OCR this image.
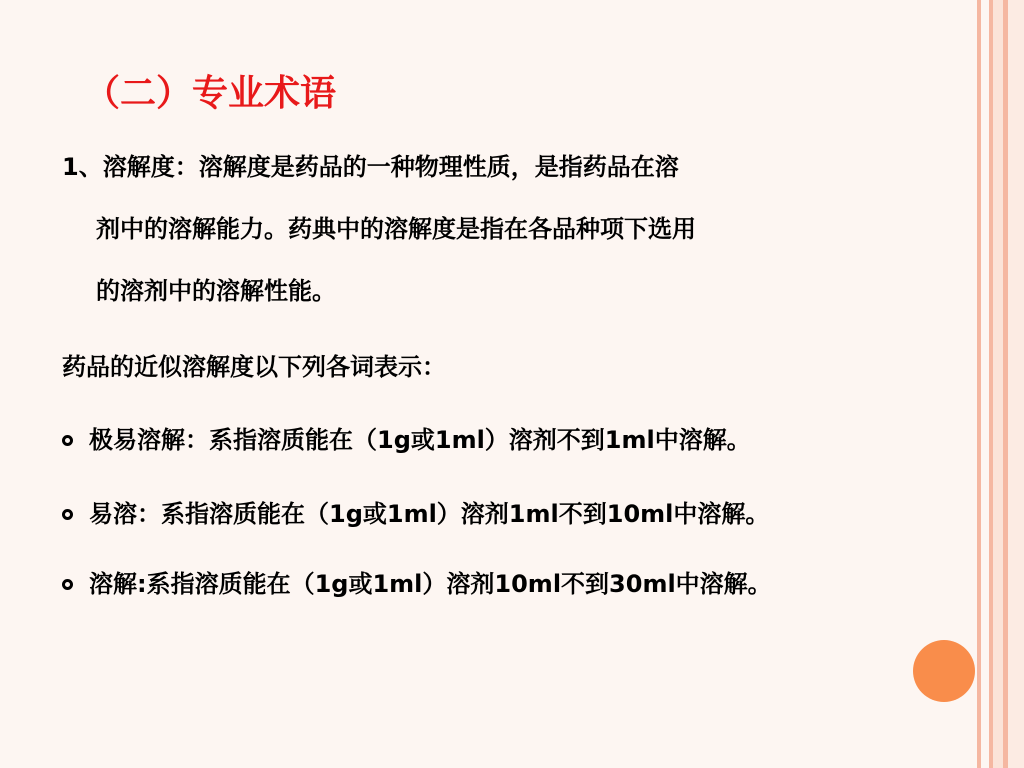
（二）专业术语
1、溶解度：溶解度是药品的一种物理性质，是指药品在溶
剂中的溶解能力。药典中的溶解度是指在各品种项下选用
的溶剂中的溶解性能。
药品的近似溶解度以下列各词表示：
极易溶解：系指溶质能在（1g或1ml）溶剂不到1ml中溶解。
易溶：系指溶质能在（1g或1ml）溶剂1ml不到10ml中溶解。
溶解:系指溶质能在（1g或1ml）溶剂10ml不到30ml中溶解。
